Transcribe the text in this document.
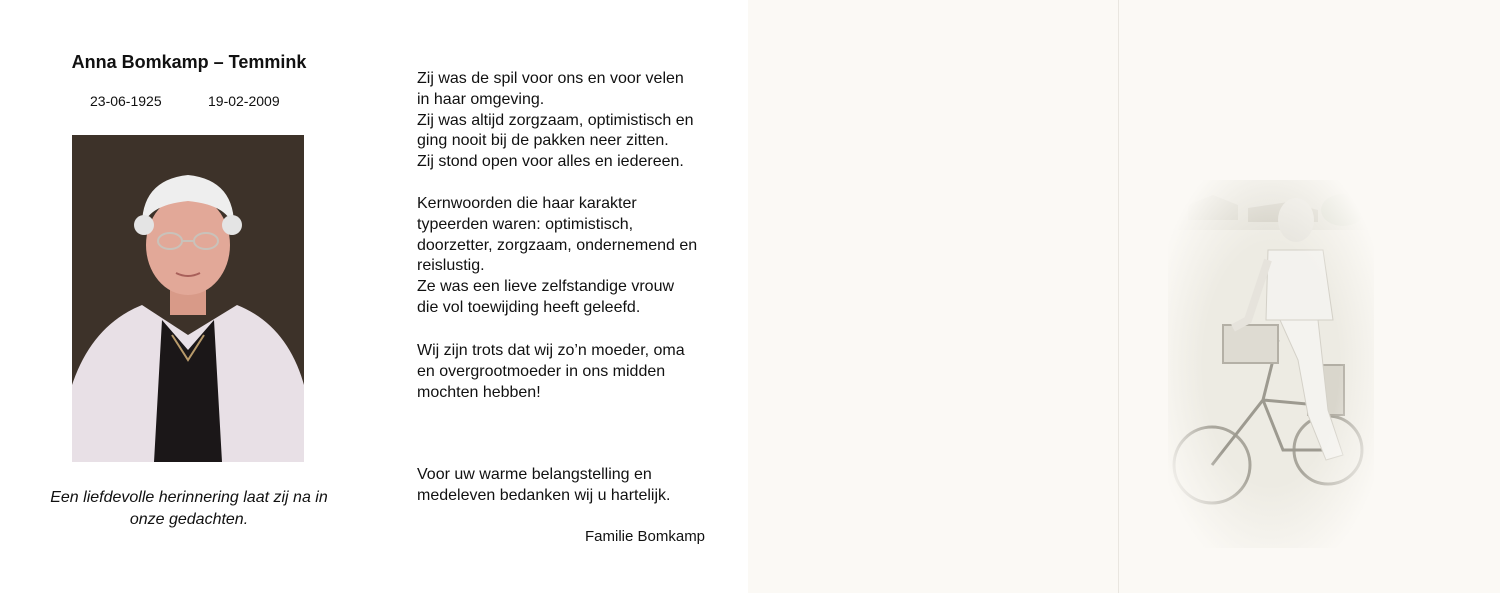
Anna Bomkamp – Temmink
23-06-1925	19-02-2009
Een liefdevolle herinnering laat zij na in
onze gedachten.
Zij was de spil voor ons en voor velen
in haar omgeving.
Zij was altijd zorgzaam, optimistisch en
ging nooit bij de pakken neer zitten.
Zij stond open voor alles en iedereen.
Kernwoorden die haar karakter
typeerden waren: optimistisch,
doorzetter, zorgzaam, ondernemend en
reislustig.
Ze was een lieve zelfstandige vrouw
die vol toewijding heeft geleefd.
Wij zijn trots dat wij zo’n moeder, oma
en overgrootmoeder in ons midden
mochten hebben!
Voor uw warme belangstelling en
medeleven bedanken wij u hartelijk.
Familie Bomkamp
